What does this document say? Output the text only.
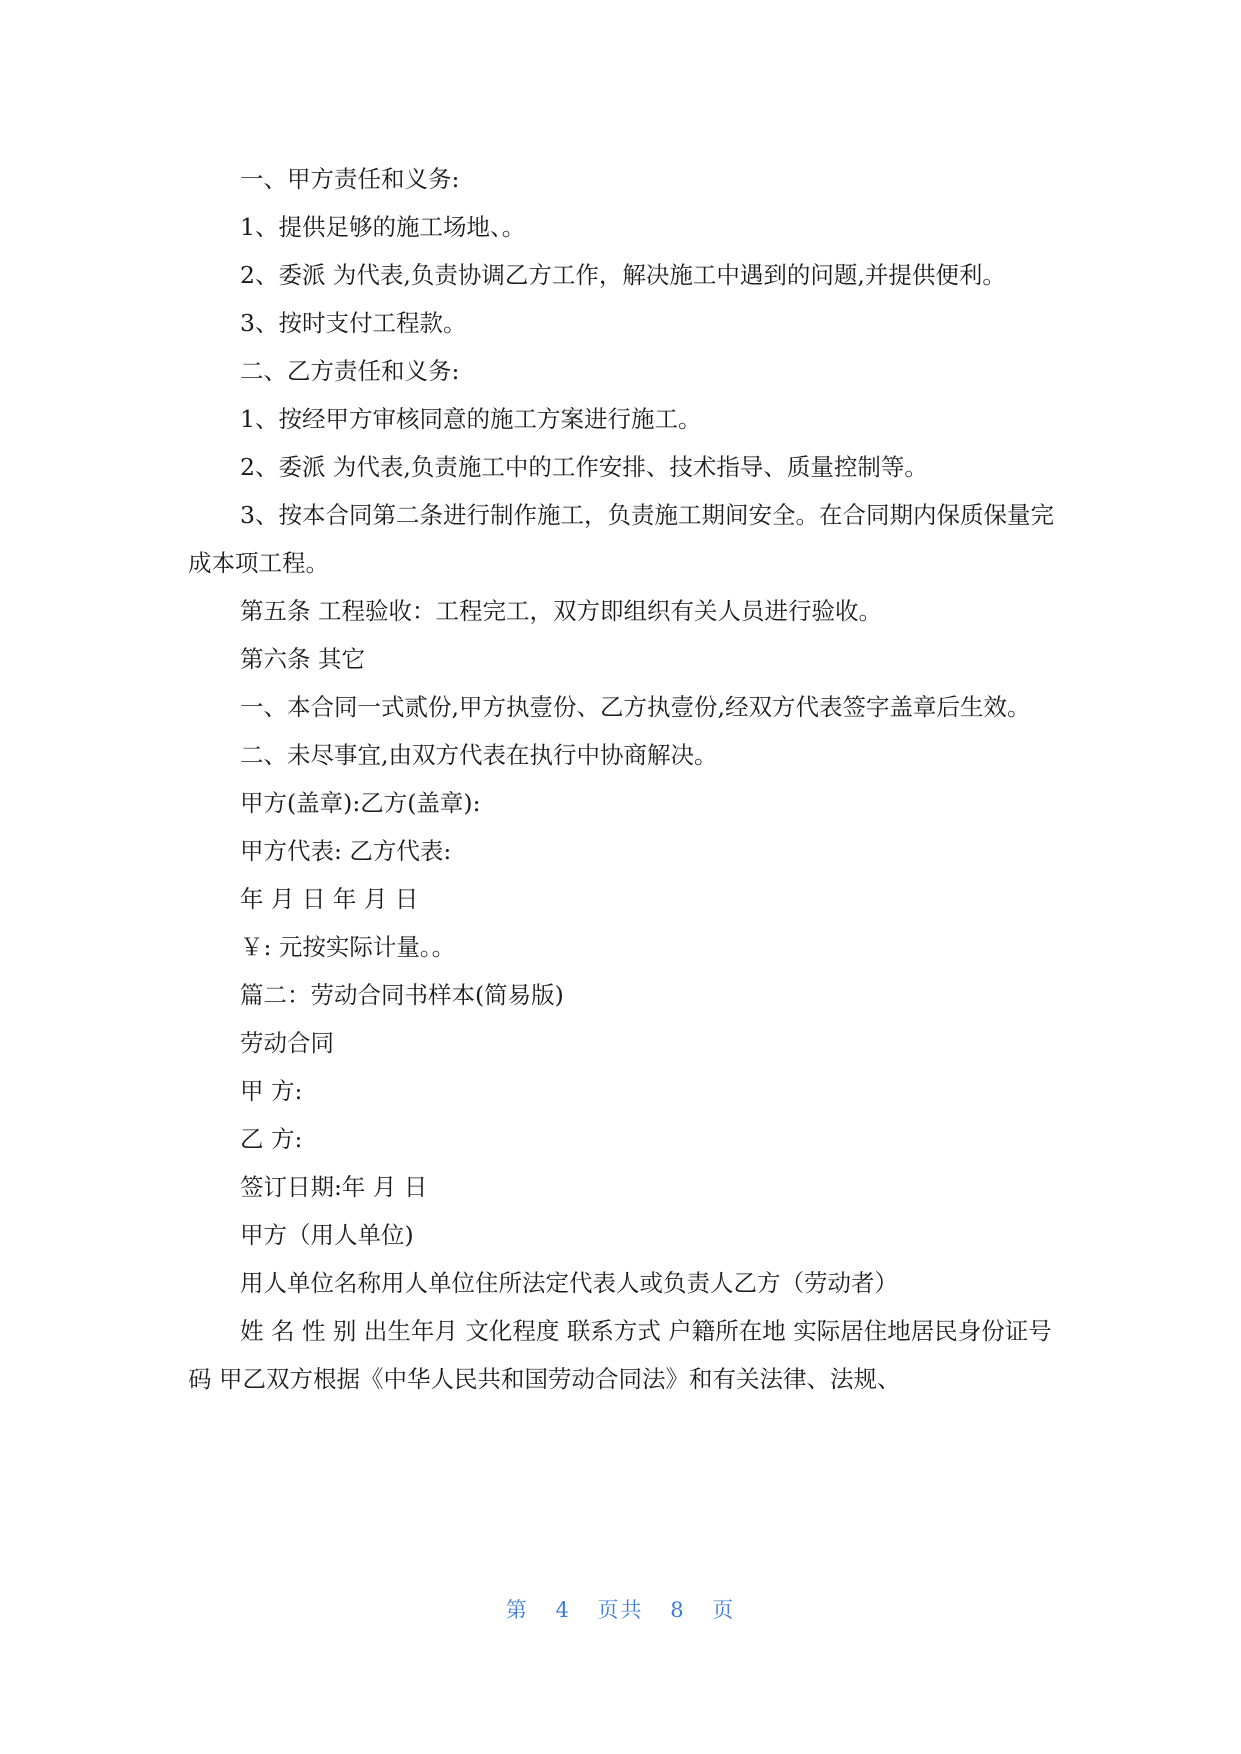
一、甲方责任和义务:

1、提供足够的施工场地、。

2、委派 为代表,负责协调乙方工作，解决施工中遇到的问题,并提供便利。

3、按时支付工程款。

二、乙方责任和义务:

1、按经甲方审核同意的施工方案进行施工。

2、委派 为代表,负责施工中的工作安排、技术指导、质量控制等。

3、按本合同第二条进行制作施工，负责施工期间安全。在合同期内保质保量完成本项工程。

第五条 工程验收：工程完工，双方即组织有关人员进行验收。

第六条 其它

一、本合同一式贰份,甲方执壹份、乙方执壹份,经双方代表签字盖章后生效。

二、未尽事宜,由双方代表在执行中协商解决。

甲方(盖章):乙方(盖章):

甲方代表: 乙方代表:

年 月 日 年 月 日

￥: 元按实际计量。。

篇二：劳动合同书样本(简易版)

劳动合同

甲 方:

乙 方:

签订日期:年 月 日

甲方（用人单位)

用人单位名称用人单位住所法定代表人或负责人乙方（劳动者）

姓 名 性 别 出生年月 文化程度 联系方式 户籍所在地 实际居住地居民身份证号码 甲乙双方根据《中华人民共和国劳动合同法》和有关法律、法规、

第 4 页共 8 页
